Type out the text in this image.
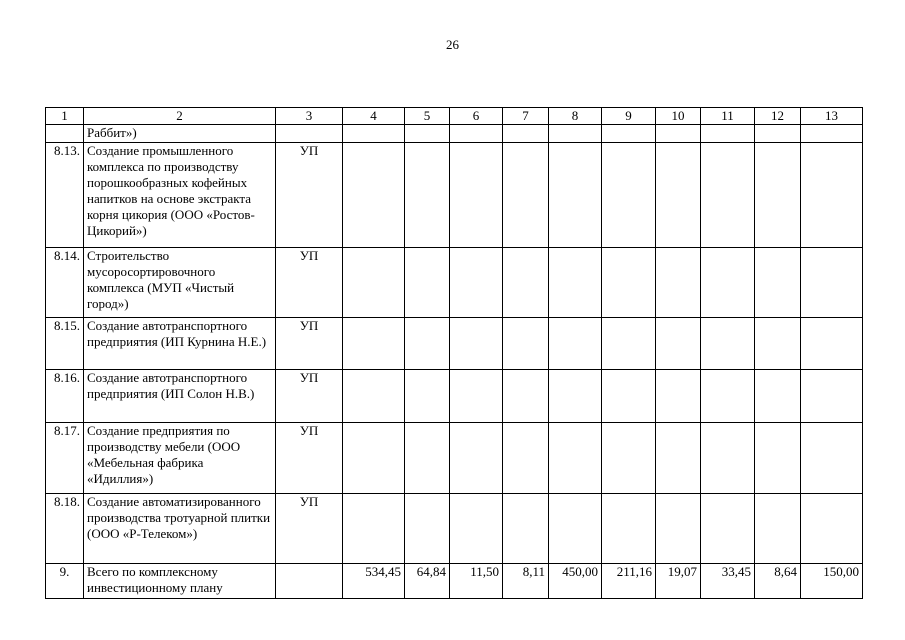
26
1	2	3	4	5	6	7	8	9	10	11	12	13
	Раббит»)											
8.13.	Создание промышленного комплекса по производству порошкообразных кофейных напитков на основе экстракта корня цикория (ООО «Ростов-Цикорий»)	УП										
8.14.	Строительство мусоросортировочного комплекса (МУП «Чистый город»)	УП										
8.15.	Создание автотранспортного предприятия (ИП Курнина Н.Е.)	УП										
8.16.	Создание автотранспортного предприятия (ИП Солон Н.В.)	УП										
8.17.	Создание предприятия по производству мебели (ООО «Мебельная фабрика «Идиллия»)	УП										
8.18.	Создание автоматизированного производства тротуарной плитки (ООО «Р-Телеком»)	УП										
9.	Всего по комплексному инвестиционному плану		534,45	64,84	11,50	8,11	450,00	211,16	19,07	33,45	8,64	150,00
